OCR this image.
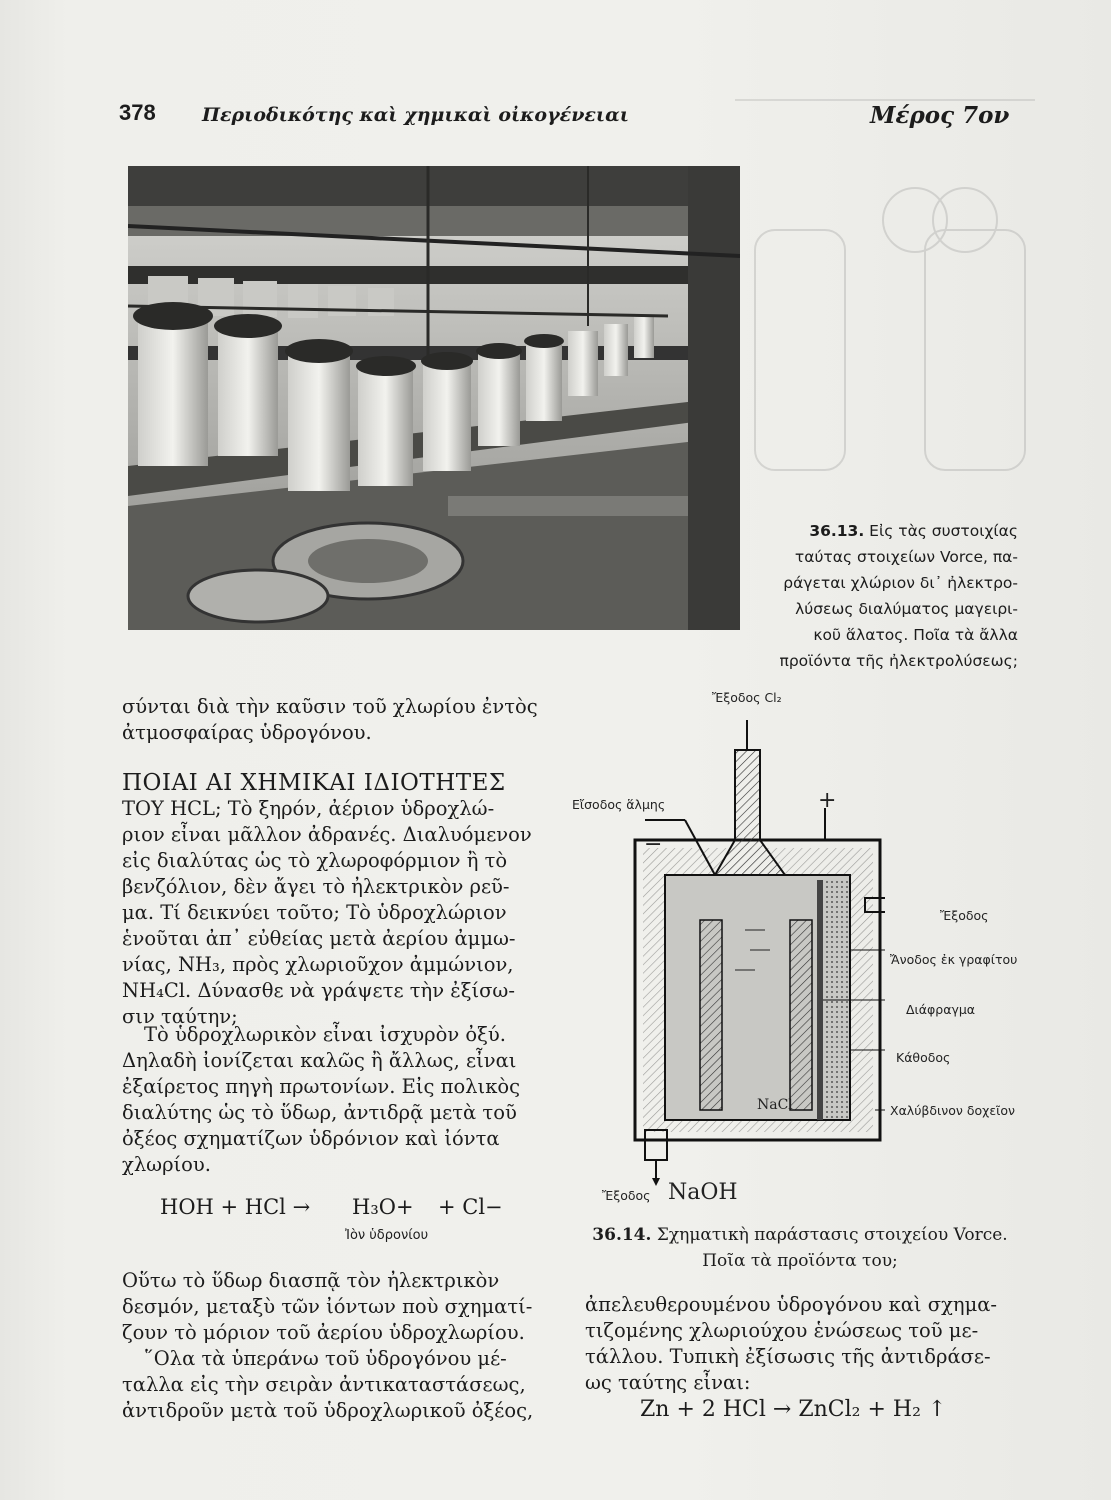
378 Περιοδικότης καὶ χημικαὶ οἰκογένειαι	Μέρος 7ον
36.13. Εἰς τὰς συστοιχίας
ταύτας στοιχείων Vorce, πα-
ράγεται χλώριον δι᾽ ἠλεκτρο-
λύσεως διαλύματος μαγειρι-
κοῦ ἅλατος. Ποῖα τὰ ἄλλα
προϊόντα τῆς ἠλεκτρολύσεως;
σύνται διὰ τὴν καῦσιν τοῦ χλωρίου ἐντὸς
ἀτμοσφαίρας ὑδρογόνου.
ΠΟΙΑΙ ΑΙ ΧΗΜΙΚΑΙ ΙΔΙΟΤΗΤΕΣ
ΤΟΥ HCL; Τὸ ξηρόν, ἀέριον ὑδροχλώ-
ριον εἶναι μᾶλλον ἀδρανές. Διαλυόμενον
εἰς διαλύτας ὡς τὸ χλωροφόρμιον ἢ τὸ
βενζόλιον, δὲν ἄγει τὸ ἠλεκτρικὸν ρεῦ-
μα. Τί δεικνύει τοῦτο; Τὸ ὑδροχλώριον
ἑνοῦται ἀπ᾽ εὐθείας μετὰ ἀερίου ἀμμω-
νίας, NH₃, πρὸς χλωριοῦχον ἀμμώνιον,
NH₄Cl. Δύνασθε νὰ γράψετε τὴν ἐξίσω-
σιν ταύτην;
Τὸ ὑδροχλωρικὸν εἶναι ἰσχυρὸν ὀξύ.
Δηλαδὴ ἰονίζεται καλῶς ἢ ἄλλως, εἶναι
ἐξαίρετος πηγὴ πρωτονίων. Εἰς πολικὸς
διαλύτης ὡς τὸ ὕδωρ, ἀντιδρᾷ μετὰ τοῦ
ὀξέος σχηματίζων ὑδρόνιον καὶ ἰόντα
χλωρίου.
HOH + HCl → H₃O+ + Cl−
Ἰὸν ὑδρονίου
Οὕτω τὸ ὕδωρ διασπᾷ τὸν ἠλεκτρικὸν
δεσμόν, μεταξὺ τῶν ἰόντων ποὺ σχηματί-
ζουν τὸ μόριον τοῦ ἀερίου ὑδροχλωρίου.
῞Ολα τὰ ὑπεράνω τοῦ ὑδρογόνου μέ-
ταλλα εἰς τὴν σειρὰν ἀντικαταστάσεως,
ἀντιδροῦν μετὰ τοῦ ὑδροχλωρικοῦ ὀξέος,
Ἔξοδος Cl₂
Εἴσοδος ἅλμης
−
+
Ἔξοδος
Ἄνοδος ἐκ γραφίτου
Διάφραγμα
Κάθοδος
Χαλύβδινον δοχεῖον
NaCl
Ἔξοδος NaOH
36.14. Σχηματικὴ παράστασις στοιχείου Vorce.
Ποῖα τὰ προϊόντα του;
ἀπελευθερουμένου ὑδρογόνου καὶ σχημα-
τιζομένης χλωριούχου ἑνώσεως τοῦ με-
τάλλου. Τυπικὴ ἐξίσωσις τῆς ἀντιδράσε-
ως ταύτης εἶναι:
Zn + 2 HCl → ZnCl₂ + H₂ ↑
